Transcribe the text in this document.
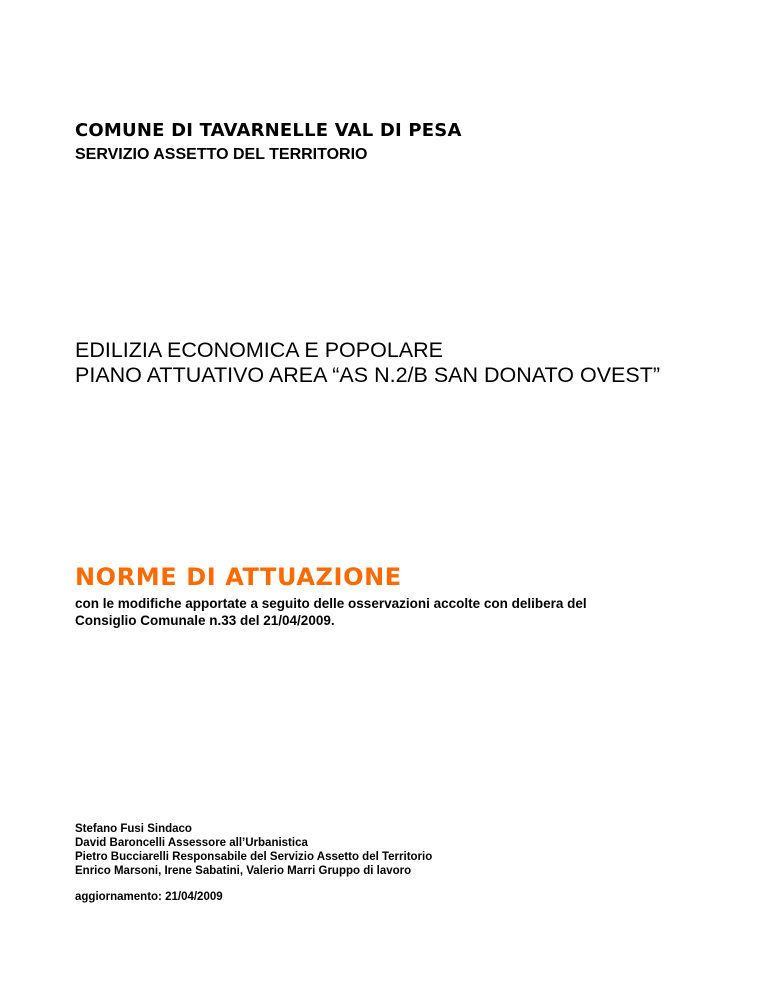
COMUNE DI TAVARNELLE VAL DI PESA
SERVIZIO ASSETTO DEL TERRITORIO
EDILIZIA ECONOMICA E POPOLARE
PIANO ATTUATIVO AREA “AS N.2/B SAN DONATO OVEST”
NORME DI ATTUAZIONE
con le modifiche apportate a seguito delle osservazioni accolte con delibera del
Consiglio Comunale n.33 del 21/04/2009.
Stefano Fusi Sindaco
David Baroncelli Assessore all’Urbanistica
Pietro Bucciarelli Responsabile del Servizio Assetto del Territorio
Enrico Marsoni, Irene Sabatini, Valerio Marri Gruppo di lavoro
aggiornamento: 21/04/2009
